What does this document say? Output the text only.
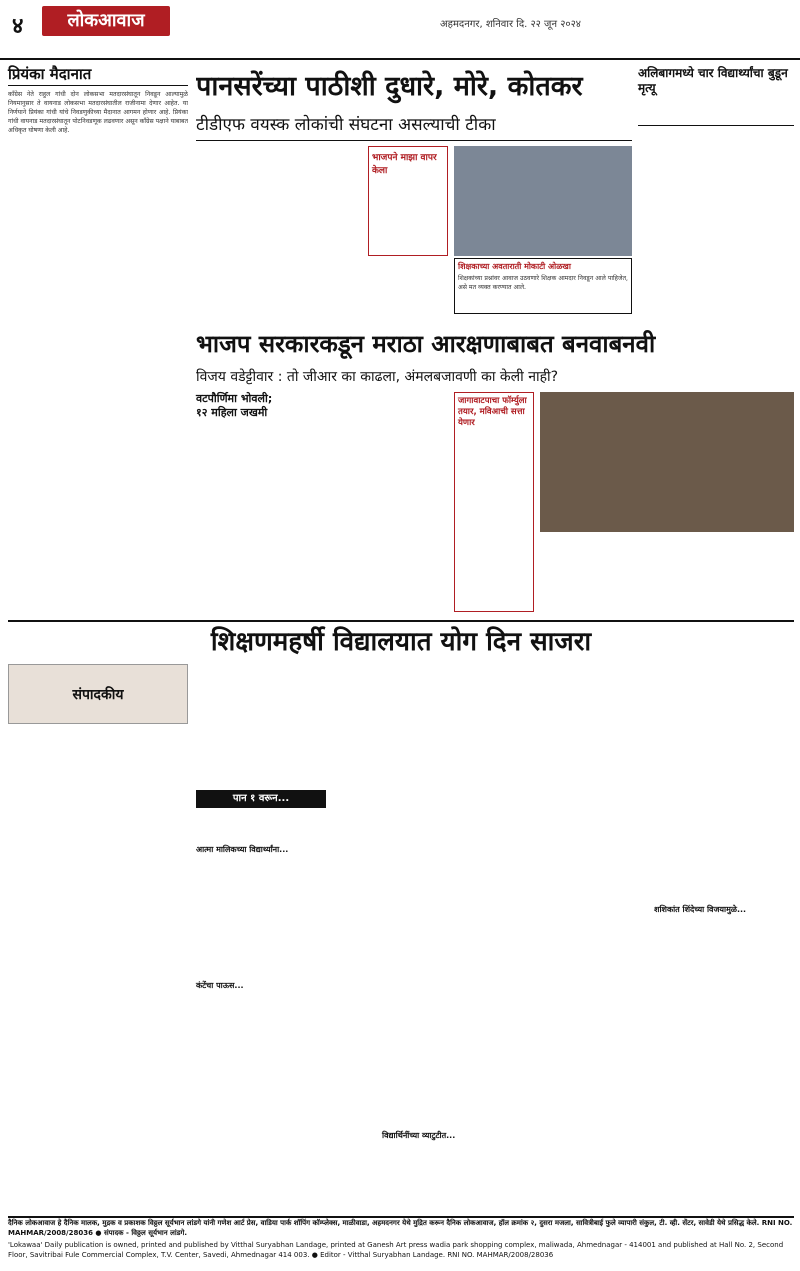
४	लोकआवाज	अहमदनगर, शनिवार दि. २२ जून २०२४
प्रियंका मैदानात
काँग्रेस नेते राहुल गांधी दोन लोकसभा मतदारसंघातून निवडून आल्यामुळे नियमानुसार ते वायनाड लोकसभा मतदारसंघातील राजीनामा देणार आहेत. या निर्णयाने प्रियंका गांधी यांचे निवडणुकीच्या मैदानात आगमन होणार आहे. प्रियंका गांधी वायनाड मतदारसंघातून पोटनिवडणूक लढवणार असून काँग्रेस पक्षाने याबाबत अधिकृत घोषणा केली आहे.
पानसरेंच्या पाठीशी दुधारे, मोरे, कोतकर
टीडीएफ वयस्क लोकांची संघटना असल्याची टीका
भाजपने माझा वापर केला
शिक्षकाच्या अवताराती मोकाटी ओळखा
शिक्षकांच्या प्रश्नांवर आवाज उठवणारे शिक्षक आमदार निवडून आले पाहिजेत, असे मत व्यक्त करण्यात आले.
अलिबागमध्ये चार विद्यार्थ्यांचा बुडून मृत्यू
भाजप सरकारकडून मराठा आरक्षणाबाबत बनवाबनवी
विजय वडेट्टीवार : तो जीआर का काढला, अंमलबजावणी का केली नाही?
वटपौर्णिमा भोवली; १२ महिला जखमी
जागावाटपाचा फॉर्म्युला तयार, मविआची सत्ता येणार
शिक्षणमहर्षी विद्यालयात योग दिन साजरा
संपादकीय
पान १ वरून...
आत्मा मालिकच्या विद्यार्थ्यांना...
कंटेंचा पाऊस...
शशिकांत शिंदेच्या विजयामुळे...
विद्यार्थिनींच्या व्याटुटीत...
दैनिक लोकआवाज हे दैनिक मालक, मुद्रक व प्रकाशक विठ्ठल सूर्यभान लांडगे यांनी गणेश आर्ट प्रेस, वाडिया पार्क शॉपिंग कॉम्प्लेक्स, माळीवाडा, अहमदनगर येथे मुद्रित करून दैनिक लोकआवाज, हॉल क्रमांक २, दुसरा मजला, सावित्रीबाई फुले व्यापारी संकुल, टी. व्ही. सेंटर, सावेडी येथे प्रसिद्ध केले. RNI NO. MAHMAR/2008/28036 ● संपादक - विठ्ठल सूर्यभान लांडगे.
'Lokawaa' Daily publication is owned, printed and published by Vitthal Suryabhan Landage, printed at Ganesh Art press wadia park shopping complex, maliwada, Ahmednagar - 414001 and published at Hall No. 2, Second Floor, Savitribai Fule Commercial Complex, T.V. Center, Savedi, Ahmednagar 414 003. ● Editor - Vitthal Suryabhan Landage. RNI NO. MAHMAR/2008/28036
